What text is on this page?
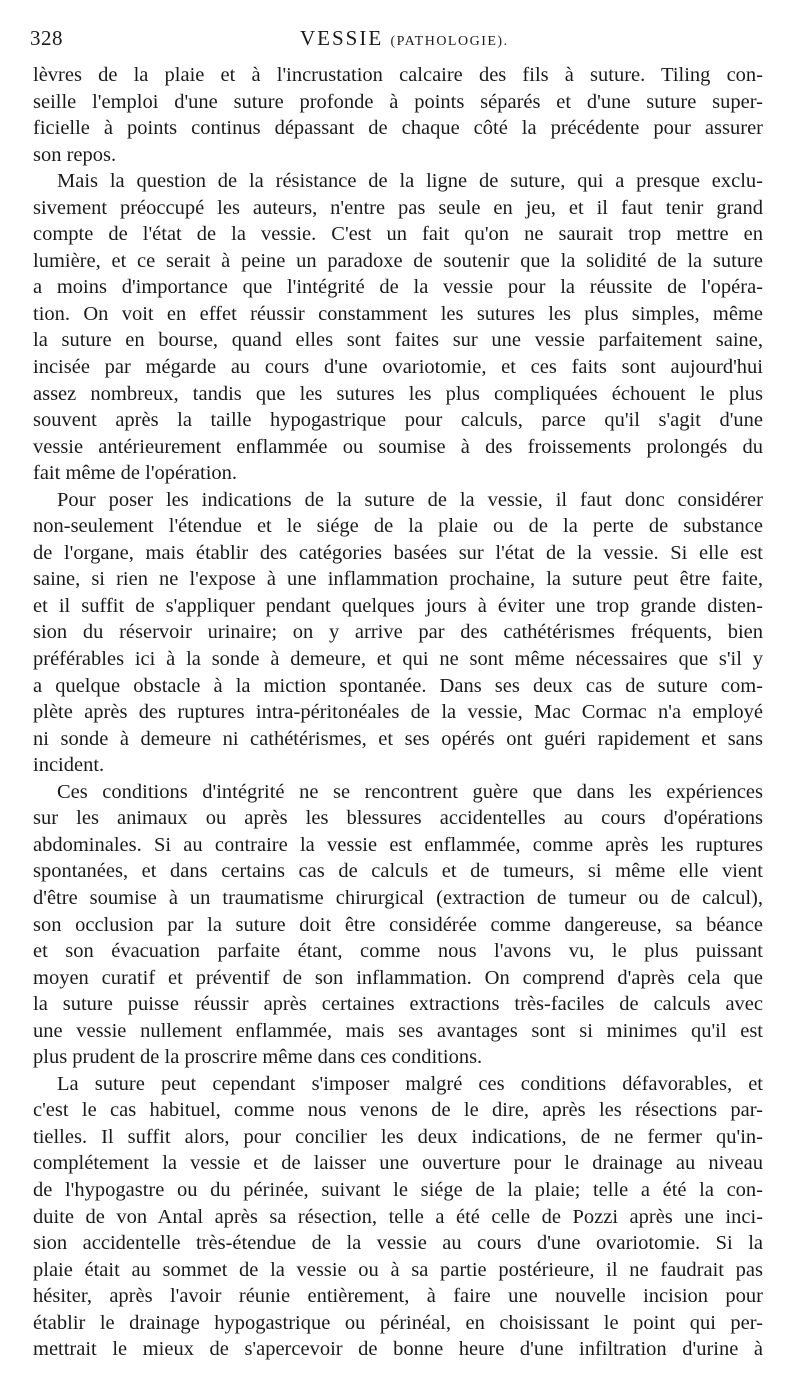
328	VESSIE (PATHOLOGIE).
lèvres de la plaie et à l'incrustation calcaire des fils à suture. Tiling con-
seille l'emploi d'une suture profonde à points séparés et d'une suture super-
ficielle à points continus dépassant de chaque côté la précédente pour assurer
son repos.
Mais la question de la résistance de la ligne de suture, qui a presque exclu-
sivement préoccupé les auteurs, n'entre pas seule en jeu, et il faut tenir grand
compte de l'état de la vessie. C'est un fait qu'on ne saurait trop mettre en
lumière, et ce serait à peine un paradoxe de soutenir que la solidité de la suture
a moins d'importance que l'intégrité de la vessie pour la réussite de l'opéra-
tion. On voit en effet réussir constamment les sutures les plus simples, même
la suture en bourse, quand elles sont faites sur une vessie parfaitement saine,
incisée par mégarde au cours d'une ovariotomie, et ces faits sont aujourd'hui
assez nombreux, tandis que les sutures les plus compliquées échouent le plus
souvent après la taille hypogastrique pour calculs, parce qu'il s'agit d'une
vessie antérieurement enflammée ou soumise à des froissements prolongés du
fait même de l'opération.
Pour poser les indications de la suture de la vessie, il faut donc considérer
non-seulement l'étendue et le siége de la plaie ou de la perte de substance
de l'organe, mais établir des catégories basées sur l'état de la vessie. Si elle est
saine, si rien ne l'expose à une inflammation prochaine, la suture peut être faite,
et il suffit de s'appliquer pendant quelques jours à éviter une trop grande disten-
sion du réservoir urinaire; on y arrive par des cathétérismes fréquents, bien
préférables ici à la sonde à demeure, et qui ne sont même nécessaires que s'il y
a quelque obstacle à la miction spontanée. Dans ses deux cas de suture com-
plète après des ruptures intra-péritonéales de la vessie, Mac Cormac n'a employé
ni sonde à demeure ni cathétérismes, et ses opérés ont guéri rapidement et sans
incident.
Ces conditions d'intégrité ne se rencontrent guère que dans les expériences
sur les animaux ou après les blessures accidentelles au cours d'opérations
abdominales. Si au contraire la vessie est enflammée, comme après les ruptures
spontanées, et dans certains cas de calculs et de tumeurs, si même elle vient
d'être soumise à un traumatisme chirurgical (extraction de tumeur ou de calcul),
son occlusion par la suture doit être considérée comme dangereuse, sa béance
et son évacuation parfaite étant, comme nous l'avons vu, le plus puissant
moyen curatif et préventif de son inflammation. On comprend d'après cela que
la suture puisse réussir après certaines extractions très-faciles de calculs avec
une vessie nullement enflammée, mais ses avantages sont si minimes qu'il est
plus prudent de la proscrire même dans ces conditions.
La suture peut cependant s'imposer malgré ces conditions défavorables, et
c'est le cas habituel, comme nous venons de le dire, après les résections par-
tielles. Il suffit alors, pour concilier les deux indications, de ne fermer qu'in-
complétement la vessie et de laisser une ouverture pour le drainage au niveau
de l'hypogastre ou du périnée, suivant le siége de la plaie; telle a été la con-
duite de von Antal après sa résection, telle a été celle de Pozzi après une inci-
sion accidentelle très-étendue de la vessie au cours d'une ovariotomie. Si la
plaie était au sommet de la vessie ou à sa partie postérieure, il ne faudrait pas
hésiter, après l'avoir réunie entièrement, à faire une nouvelle incision pour
établir le drainage hypogastrique ou périnéal, en choisissant le point qui per-
mettrait le mieux de s'apercevoir de bonne heure d'une infiltration d'urine à
